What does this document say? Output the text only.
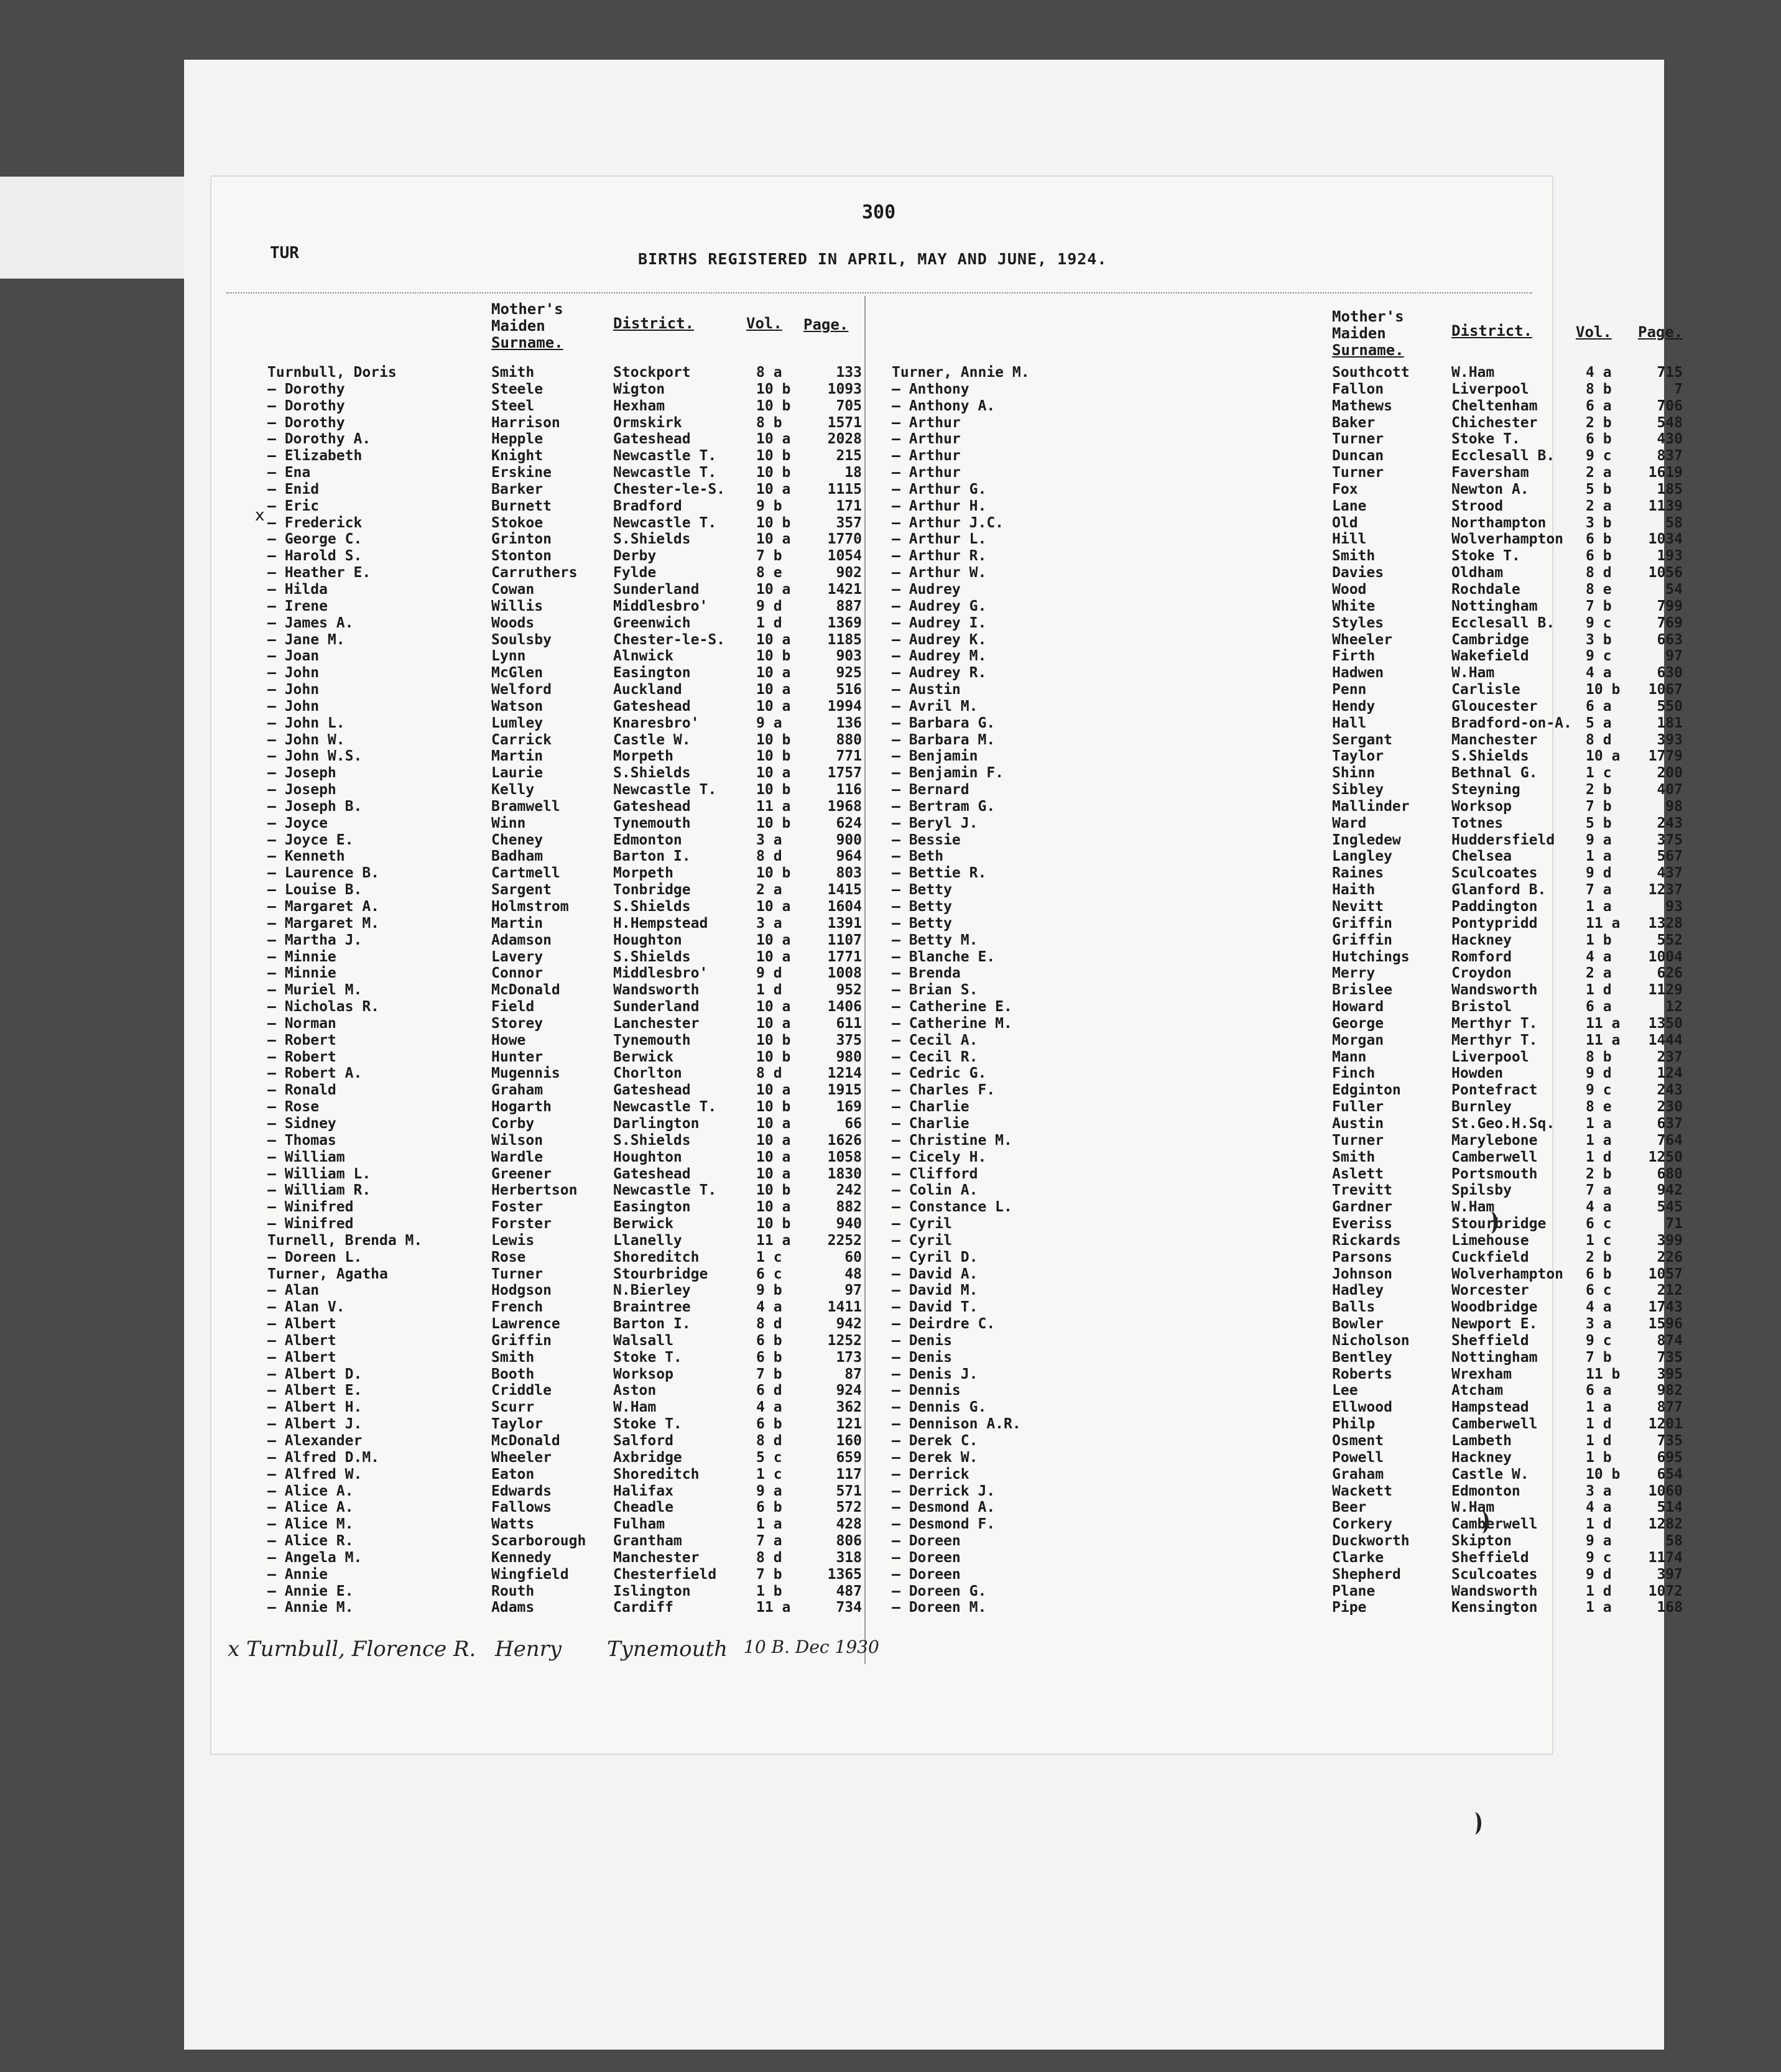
300
TUR	BIRTHS REGISTERED IN APRIL, MAY AND JUNE, 1924.
x
Mother's
Maiden
Surname.
District.	Vol. Page.
Turnbull, Doris	Smith	Stockport	8 a	133
— Dorothy	Steele	Wigton	10 b	1093
— Dorothy	Steel	Hexham	10 b	705
— Dorothy	Harrison	Ormskirk	8 b	1571
— Dorothy A.	Hepple	Gateshead	10 a	2028
— Elizabeth	Knight	Newcastle T.	10 b	215
— Ena	Erskine	Newcastle T.	10 b	18
— Enid	Barker	Chester-le-S. 10 a	1115
— Eric	Burnett	Bradford	9 b	171
— Frederick	Stokoe	Newcastle T.	10 b	357
— George C.	Grinton	S.Shields	10 a	1770
— Harold S.	Stonton	Derby	7 b	1054
— Heather E.	Carruthers	Fylde	8 e	902
— Hilda	Cowan	Sunderland	10 a	1421
— Irene	Willis	Middlesbro'	9 d	887
— James A.	Woods	Greenwich	1 d	1369
— Jane M.	Soulsby	Chester-le-S. 10 a	1185
— Joan	Lynn	Alnwick	10 b	903
— John	McGlen	Easington	10 a	925
— John	Welford	Auckland	10 a	516
— John	Watson	Gateshead	10 a	1994
— John L.	Lumley	Knaresbro'	9 a	136
— John W.	Carrick	Castle W.	10 b	880
— John W.S.	Martin	Morpeth	10 b	771
— Joseph	Laurie	S.Shields	10 a	1757
— Joseph	Kelly	Newcastle T.	10 b	116
— Joseph B.	Bramwell	Gateshead	11 a	1968
— Joyce	Winn	Tynemouth	10 b	624
— Joyce E.	Cheney	Edmonton	3 a	900
— Kenneth	Badham	Barton I.	8 d	964
— Laurence B.	Cartmell	Morpeth	10 b	803
— Louise B.	Sargent	Tonbridge	2 a	1415
— Margaret A.	Holmstrom	S.Shields	10 a	1604
— Margaret M.	Martin	H.Hempstead	3 a	1391
— Martha J.	Adamson	Houghton	10 a	1107
— Minnie	Lavery	S.Shields	10 a	1771
— Minnie	Connor	Middlesbro'	9 d	1008
— Muriel M.	McDonald	Wandsworth	1 d	952
— Nicholas R.	Field	Sunderland	10 a	1406
— Norman	Storey	Lanchester	10 a	611
— Robert	Howe	Tynemouth	10 b	375
— Robert	Hunter	Berwick	10 b	980
— Robert A.	Mugennis	Chorlton	8 d	1214
— Ronald	Graham	Gateshead	10 a	1915
— Rose	Hogarth	Newcastle T.	10 b	169
— Sidney	Corby	Darlington	10 a	66
— Thomas	Wilson	S.Shields	10 a	1626
— William	Wardle	Houghton	10 a	1058
— William L.	Greener	Gateshead	10 a	1830
— William R.	Herbertson	Newcastle T.	10 b	242
— Winifred	Foster	Easington	10 a	882
— Winifred	Forster	Berwick	10 b	940
Turnell, Brenda M.	Lewis	Llanelly	11 a	2252
— Doreen L.	Rose	Shoreditch	1 c	60
Turner, Agatha	Turner	Stourbridge	6 c	48
— Alan	Hodgson	N.Bierley	9 b	97
— Alan V.	French	Braintree	4 a	1411
— Albert	Lawrence	Barton I.	8 d	942
— Albert	Griffin	Walsall	6 b	1252
— Albert	Smith	Stoke T.	6 b	173
— Albert D.	Booth	Worksop	7 b	87
— Albert E.	Criddle	Aston	6 d	924
— Albert H.	Scurr	W.Ham	4 a	362
— Albert J.	Taylor	Stoke T.	6 b	121
— Alexander	McDonald	Salford	8 d	160
— Alfred D.M.	Wheeler	Axbridge	5 c	659
— Alfred W.	Eaton	Shoreditch	1 c	117
— Alice A.	Edwards	Halifax	9 a	571
— Alice A.	Fallows	Cheadle	6 b	572
— Alice M.	Watts	Fulham	1 a	428
— Alice R.	Scarborough Grantham	7 a	806
— Angela M.	Kennedy	Manchester	8 d	318
— Annie	Wingfield	Chesterfield	7 b	1365
— Annie E.	Routh	Islington	1 b	487
— Annie M.	Adams	Cardiff	11 a	734
Mother's
Maiden
Surname.
District.	Vol. Page.
Turner, Annie M.	Southcott	W.Ham	4 a	715
— Anthony	Fallon	Liverpool	8 b	7
— Anthony A.	Mathews	Cheltenham	6 a	706
— Arthur	Baker	Chichester	2 b	548
— Arthur	Turner	Stoke T.	6 b	430
— Arthur	Duncan	Ecclesall B. 9 c	837
— Arthur	Turner	Faversham	2 a	1619
— Arthur G.	Fox	Newton A.	5 b	185
— Arthur H.	Lane	Strood	2 a	1139
— Arthur J.C.	Old	Northampton	3 b	58
— Arthur L.	Hill	Wolverhampton 6 b	1034
— Arthur R.	Smith	Stoke T.	6 b	193
— Arthur W.	Davies	Oldham	8 d	1056
— Audrey	Wood	Rochdale	8 e	54
— Audrey G.	White	Nottingham	7 b	799
— Audrey I.	Styles	Ecclesall B. 9 c	769
— Audrey K.	Wheeler	Cambridge	3 b	663
— Audrey M.	Firth	Wakefield	9 c	97
— Audrey R.	Hadwen	W.Ham	4 a	630
— Austin	Penn	Carlisle	10 b	1067
— Avril M.	Hendy	Gloucester	6 a	550
— Barbara G.	Hall	Bradford-on-A. 5 a	181
— Barbara M.	Sergant	Manchester	8 d	393
— Benjamin	Taylor	S.Shields	10 a	1779
— Benjamin F.	Shinn	Bethnal G.	1 c	200
— Bernard	Sibley	Steyning	2 b	407
— Bertram G.	Mallinder	Worksop	7 b	98
— Beryl J.	Ward	Totnes	5 b	243
— Bessie	Ingledew	Huddersfield 9 a	375
— Beth	Langley	Chelsea	1 a	567
— Bettie R.	Raines	Sculcoates	9 d	437
— Betty	Haith	Glanford B.	7 a	1237
— Betty	Nevitt	Paddington	1 a	93
— Betty	Griffin	Pontypridd	11 a	1328
— Betty M.	Griffin	Hackney	1 b	552
— Blanche E.	Hutchings	Romford	4 a	1004
— Brenda	Merry	Croydon	2 a	626
— Brian S.	Brislee	Wandsworth	1 d	1129
— Catherine E.	Howard	Bristol	6 a	12
— Catherine M.	George	Merthyr T.	11 a	1350
— Cecil A.	Morgan	Merthyr T.	11 a	1444
— Cecil R.	Mann	Liverpool	8 b	237
— Cedric G.	Finch	Howden	9 d	124
— Charles F.	Edginton	Pontefract	9 c	243
— Charlie	Fuller	Burnley	8 e	230
— Charlie	Austin	St.Geo.H.Sq. 1 a	637
— Christine M.	Turner	Marylebone	1 a	764
— Cicely H.	Smith	Camberwell	1 d	1250
— Clifford	Aslett	Portsmouth	2 b	680
— Colin A.	Trevitt	Spilsby	7 a	942
— Constance L.	Gardner	W.Ham	4 a	545
— Cyril	Everiss	Stourbridge	6 c	71
— Cyril	Rickards	Limehouse	1 c	399
— Cyril D.	Parsons	Cuckfield	2 b	226
— David A.	Johnson	Wolverhampton 6 b	1057
— David M.	Hadley	Worcester	6 c	212
— David T.	Balls	Woodbridge	4 a	1743
— Deirdre C.	Bowler	Newport E.	3 a	1596
— Denis	Nicholson	Sheffield	9 c	874
— Denis	Bentley	Nottingham	7 b	735
— Denis J.	Roberts	Wrexham	11 b	395
— Dennis	Lee	Atcham	6 a	982
— Dennis G.	Ellwood	Hampstead	1 a	877
— Dennison A.R.	Philp	Camberwell	1 d	1201
— Derek C.	Osment	Lambeth	1 d	735
— Derek W.	Powell	Hackney	1 b	695
— Derrick	Graham	Castle W.	10 b	654
— Derrick J.	Wackett	Edmonton	3 a	1060
— Desmond A.	Beer	W.Ham	4 a	514
— Desmond F.	Corkery	Camberwell	1 d	1282
— Doreen	Duckworth	Skipton	9 a	58
— Doreen	Clarke	Sheffield	9 c	1174
— Doreen	Shepherd	Sculcoates	9 d	397
— Doreen G.	Plane	Wandsworth	1 d	1072
— Doreen M.	Pipe	Kensington	1 a	168
x Turnbull, Florence R. Henry Tynemouth 10 B. Dec 1930
